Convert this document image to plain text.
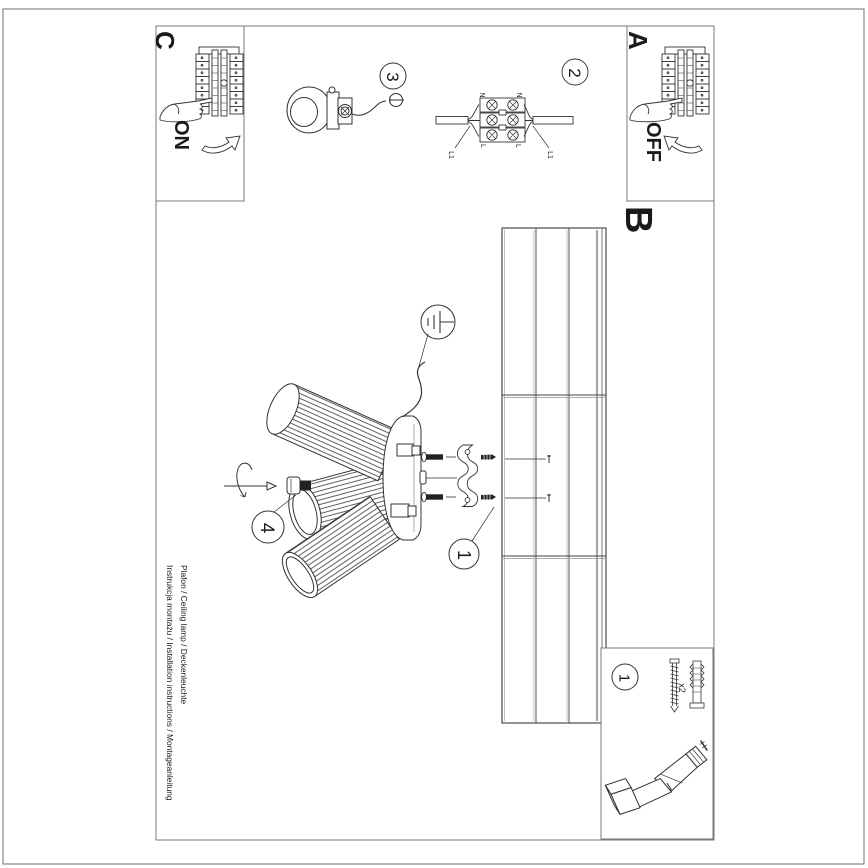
C
ON
A
OFF
B
3	2
N	N
L	L
L1	L1
4
1
Instrukcja montażu / Installation instructions / Montageanleitung Plafon / Ceiling lamp / Deckenleuchte	1
x2
